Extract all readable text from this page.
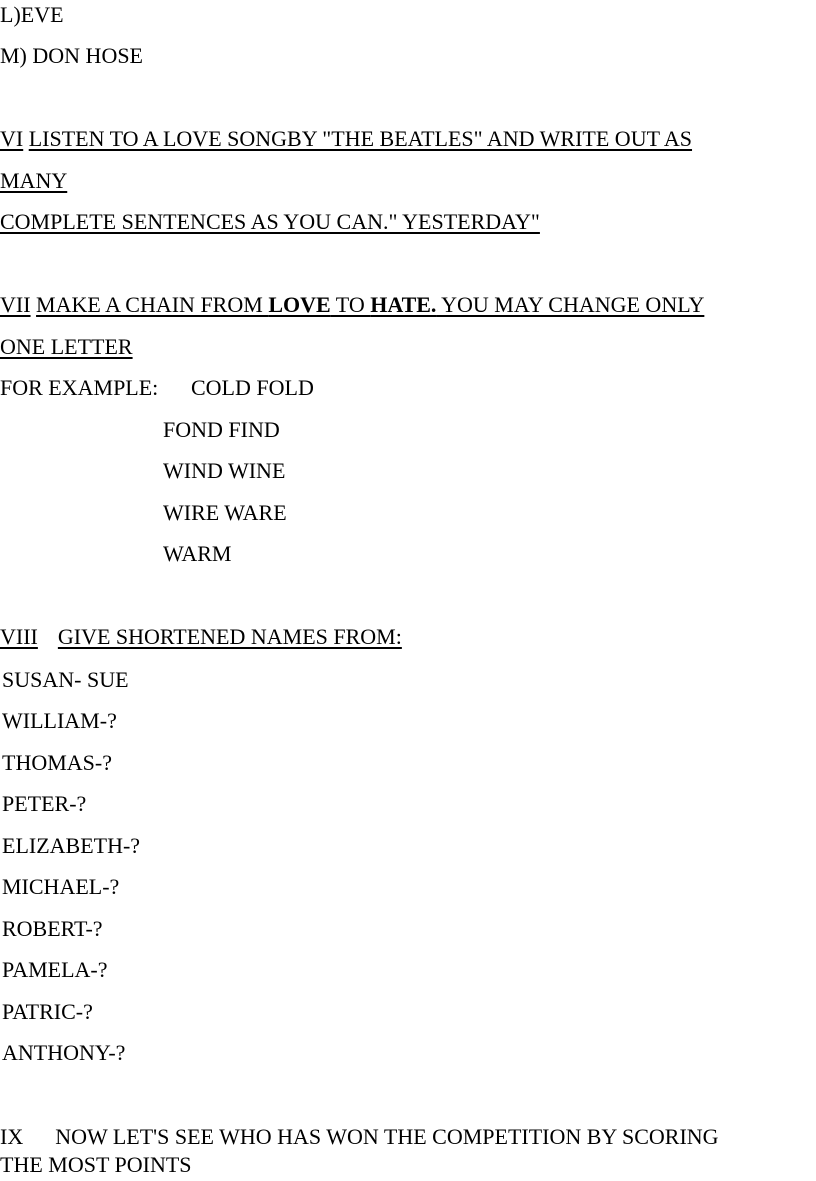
L)EVE
M) DON HOSE
VI LISTEN TO A LOVE SONGBY "THE BEATLES" AND WRITE OUT AS
MANY
COMPLETE SENTENCES AS YOU CAN." YESTERDAY"
VII MAKE A CHAIN FROM LOVE TO HATE. YOU MAY CHANGE ONLY
ONE LETTER
FOR EXAMPLE: COLD FOLD
FOND FIND
WIND WINE
WIRE WARE
WARM
VIII GIVE SHORTENED NAMES FROM:
SUSAN- SUE
WILLIAM-?
THOMAS-?
PETER-?
ELIZABETH-?
MICHAEL-?
ROBERT-?
PAMELA-?
PATRIC-?
ANTHONY-?
IX NOW LET'S SEE WHO HAS WON THE COMPETITION BY SCORING
THE MOST POINTS
